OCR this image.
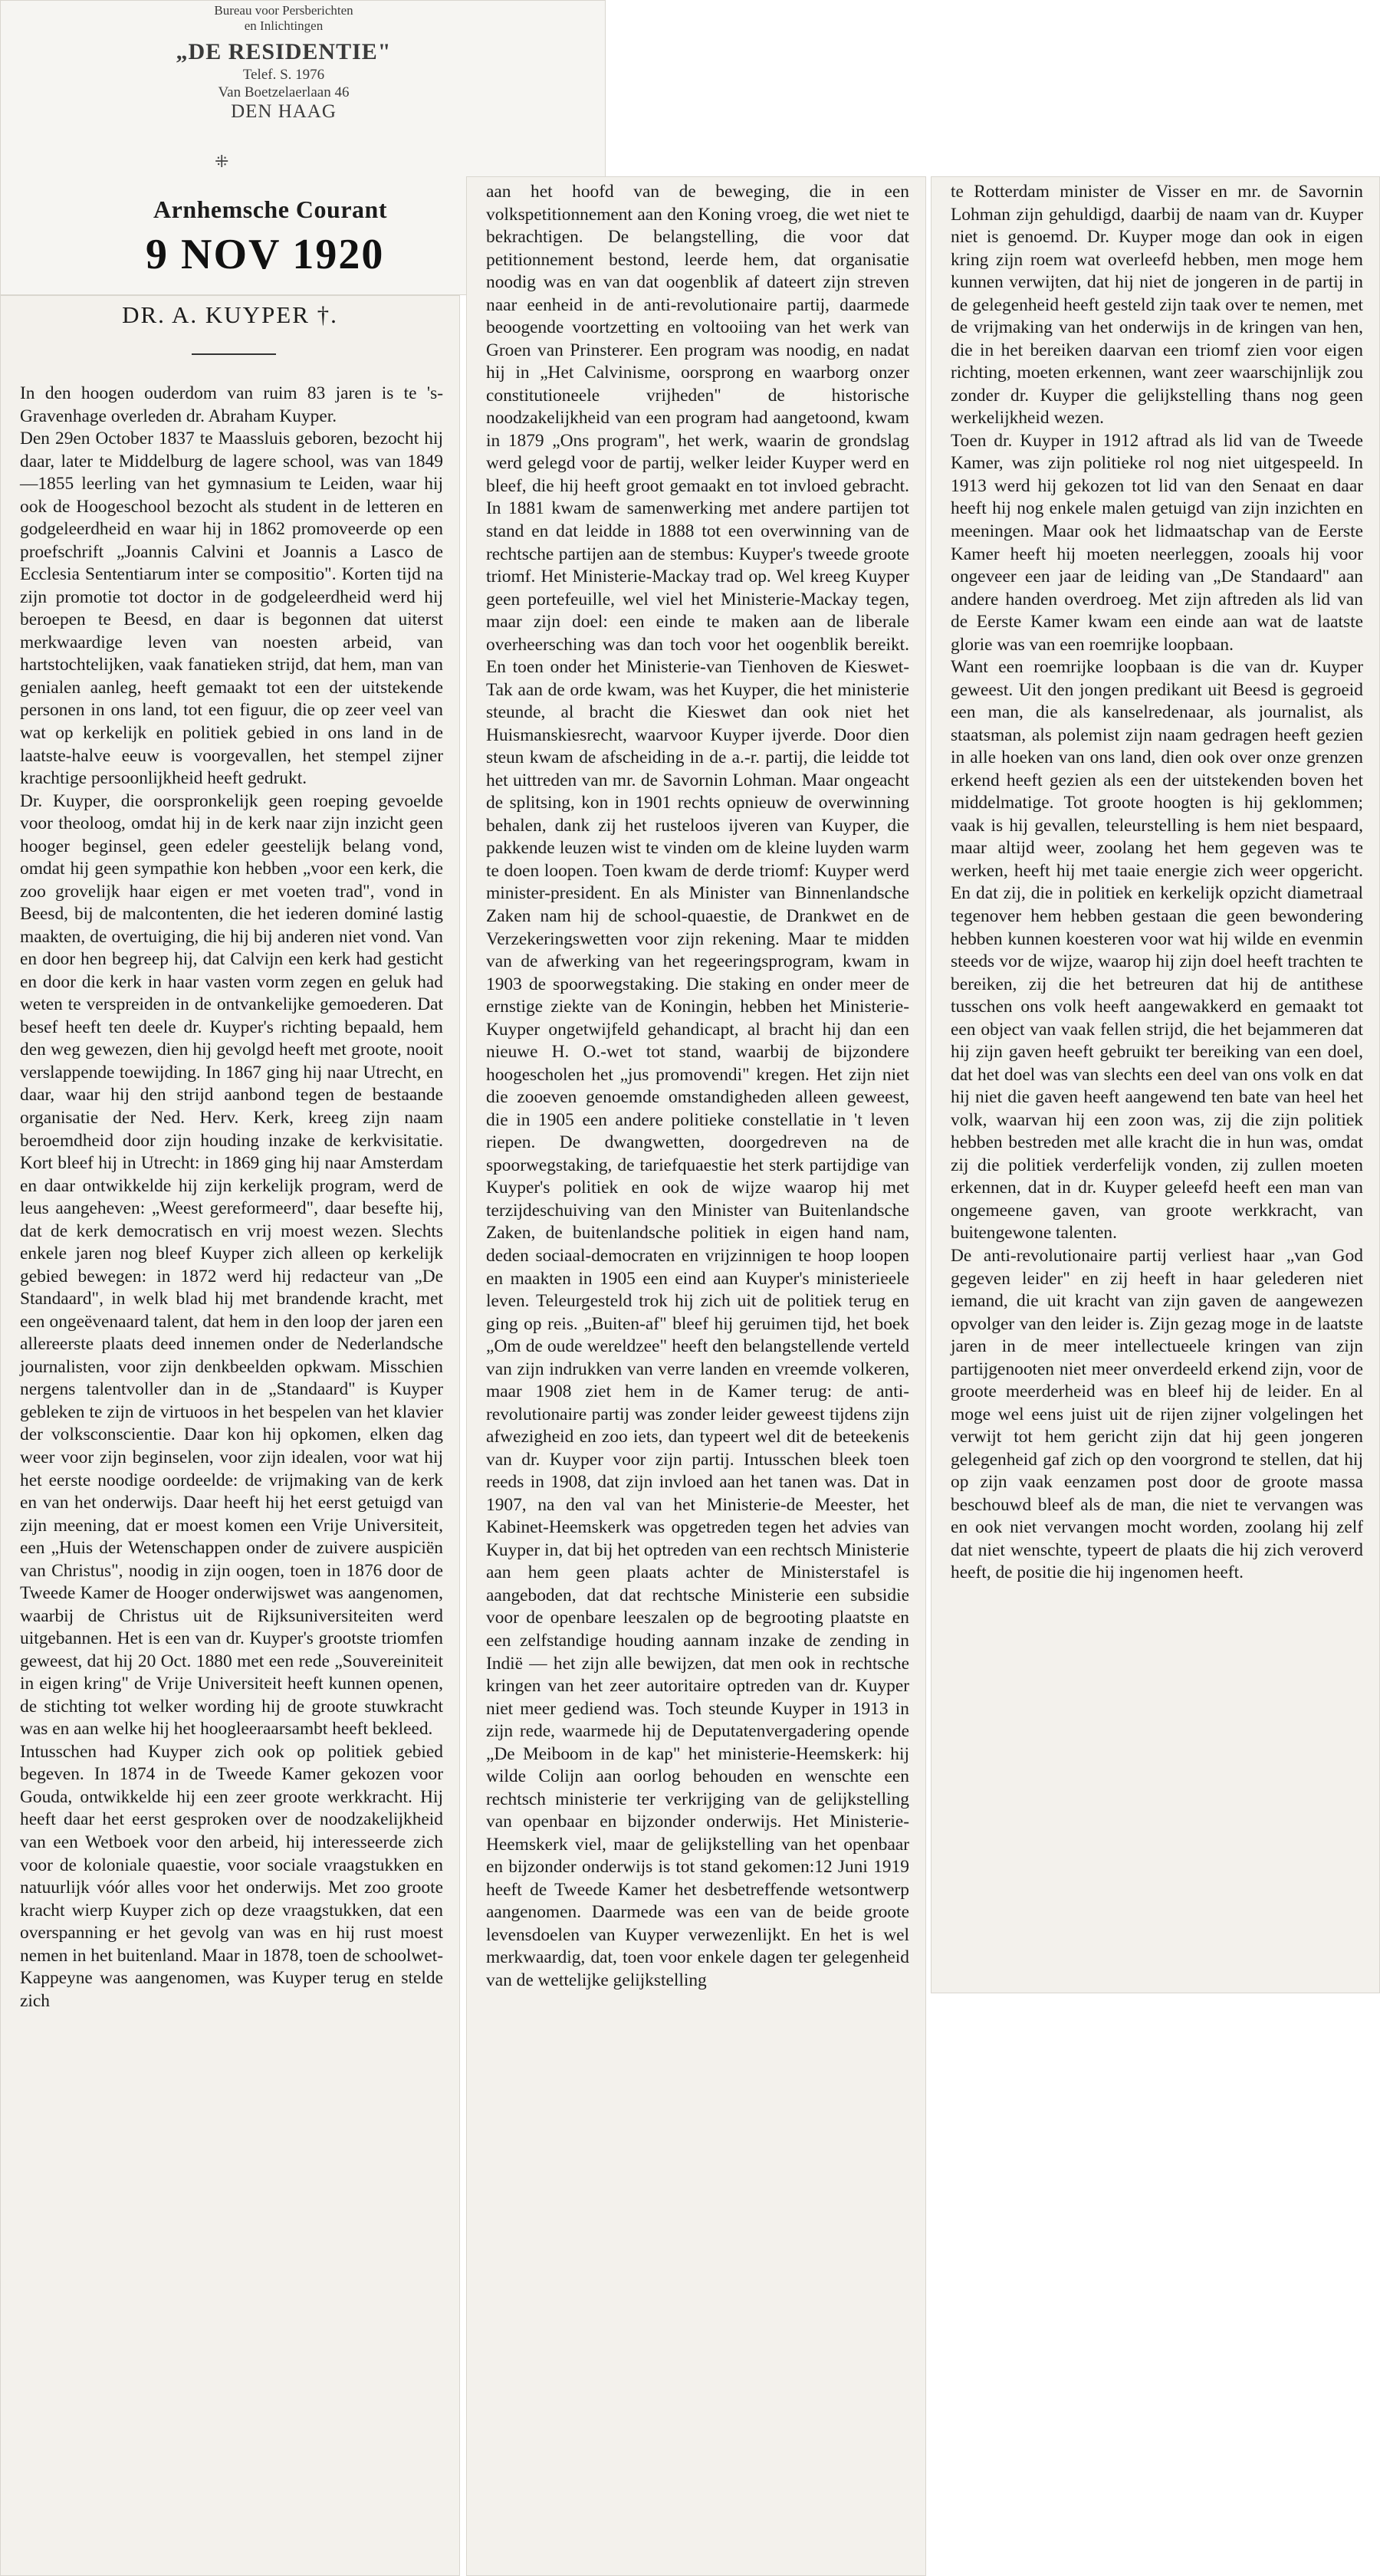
Bureau voor Persberichten
en Inlichtingen
„DE RESIDENTIE"
Telef. S. 1976
Van Boetzelaerlaan 46
DEN HAAG
⁜
Arnhemsche Courant
9 NOV 1920
DR. A. KUYPER †.
In den hoogen ouderdom van ruim 83 jaren is te 's-Gravenhage overleden dr. Abraham Kuyper.
Den 29en October 1837 te Maassluis geboren, bezocht hij daar, later te Middelburg de lagere school, was van 1849—1855 leerling van het gymnasium te Leiden, waar hij ook de Hoogeschool bezocht als student in de letteren en godgeleerdheid en waar hij in 1862 promoveerde op een proefschrift „Joannis Calvini et Joannis a Lasco de Ecclesia Sententiarum inter se compositio". Korten tijd na zijn promotie tot doctor in de godgeleerdheid werd hij beroepen te Beesd, en daar is begonnen dat uiterst merkwaardige leven van noesten arbeid, van hartstochtelijken, vaak fanatieken strijd, dat hem, man van genialen aanleg, heeft gemaakt tot een der uitstekende personen in ons land, tot een figuur, die op zeer veel van wat op kerkelijk en politiek gebied in ons land in de laatste-halve eeuw is voorgevallen, het stempel zijner krachtige persoonlijkheid heeft gedrukt.
Dr. Kuyper, die oorspronkelijk geen roeping gevoelde voor theoloog, omdat hij in de kerk naar zijn inzicht geen hooger beginsel, geen edeler geestelijk belang vond, omdat hij geen sympathie kon hebben „voor een kerk, die zoo grovelijk haar eigen er met voeten trad", vond in Beesd, bij de malcontenten, die het iederen dominé lastig maakten, de overtuiging, die hij bij anderen niet vond. Van en door hen begreep hij, dat Calvijn een kerk had gesticht en door die kerk in haar vasten vorm zegen en geluk had weten te verspreiden in de ontvankelijke gemoederen. Dat besef heeft ten deele dr. Kuyper's richting bepaald, hem den weg gewezen, dien hij gevolgd heeft met groote, nooit verslappende toewijding. In 1867 ging hij naar Utrecht, en daar, waar hij den strijd aanbond tegen de bestaande organisatie der Ned. Herv. Kerk, kreeg zijn naam beroemdheid door zijn houding inzake de kerkvisitatie. Kort bleef hij in Utrecht: in 1869 ging hij naar Amsterdam en daar ontwikkelde hij zijn kerkelijk program, werd de leus aangeheven: „Weest gereformeerd", daar besefte hij, dat de kerk democratisch en vrij moest wezen. Slechts enkele jaren nog bleef Kuyper zich alleen op kerkelijk gebied bewegen: in 1872 werd hij redacteur van „De Standaard", in welk blad hij met brandende kracht, met een ongeëvenaard talent, dat hem in den loop der jaren een allereerste plaats deed innemen onder de Nederlandsche journalisten, voor zijn denkbeelden opkwam. Misschien nergens talentvoller dan in de „Standaard" is Kuyper gebleken te zijn de virtuoos in het bespelen van het klavier der volksconscientie. Daar kon hij opkomen, elken dag weer voor zijn beginselen, voor zijn idealen, voor wat hij het eerste noodige oordeelde: de vrijmaking van de kerk en van het onderwijs. Daar heeft hij het eerst getuigd van zijn meening, dat er moest komen een Vrije Universiteit, een „Huis der Wetenschappen onder de zuivere auspiciën van Christus", noodig in zijn oogen, toen in 1876 door de Tweede Kamer de Hooger onderwijswet was aangenomen, waarbij de Christus uit de Rijksuniversiteiten werd uitgebannen. Het is een van dr. Kuyper's grootste triomfen geweest, dat hij 20 Oct. 1880 met een rede „Souvereiniteit in eigen kring" de Vrije Universiteit heeft kunnen openen, de stichting tot welker wording hij de groote stuwkracht was en aan welke hij het hoogleeraarsambt heeft bekleed.
Intusschen had Kuyper zich ook op politiek gebied begeven. In 1874 in de Tweede Kamer gekozen voor Gouda, ontwikkelde hij een zeer groote werkkracht. Hij heeft daar het eerst gesproken over de noodzakelijkheid van een Wetboek voor den arbeid, hij interesseerde zich voor de koloniale quaestie, voor sociale vraagstukken en natuurlijk vóór alles voor het onderwijs. Met zoo groote kracht wierp Kuyper zich op deze vraagstukken, dat een overspanning er het gevolg van was en hij rust moest nemen in het buitenland. Maar in 1878, toen de schoolwet-Kappeyne was aangenomen, was Kuyper terug en stelde zich
aan het hoofd van de beweging, die in een volkspetitionnement aan den Koning vroeg, die wet niet te bekrachtigen. De belangstelling, die voor dat petitionnement bestond, leerde hem, dat organisatie noodig was en van dat oogenblik af dateert zijn streven naar eenheid in de anti-revolutionaire partij, daarmede beoogende voortzetting en voltooiing van het werk van Groen van Prinsterer. Een program was noodig, en nadat hij in „Het Calvinisme, oorsprong en waarborg onzer constitutioneele vrijheden" de historische noodzakelijkheid van een program had aangetoond, kwam in 1879 „Ons program", het werk, waarin de grondslag werd gelegd voor de partij, welker leider Kuyper werd en bleef, die hij heeft groot gemaakt en tot invloed gebracht. In 1881 kwam de samenwerking met andere partijen tot stand en dat leidde in 1888 tot een overwinning van de rechtsche partijen aan de stembus: Kuyper's tweede groote triomf. Het Ministerie-Mackay trad op. Wel kreeg Kuyper geen portefeuille, wel viel het Ministerie-Mackay tegen, maar zijn doel: een einde te maken aan de liberale overheersching was dan toch voor het oogenblik bereikt. En toen onder het Ministerie-van Tienhoven de Kieswet-Tak aan de orde kwam, was het Kuyper, die het ministerie steunde, al bracht die Kieswet dan ook niet het Huismanskiesrecht, waarvoor Kuyper ijverde. Door dien steun kwam de afscheiding in de a.-r. partij, die leidde tot het uittreden van mr. de Savornin Lohman. Maar ongeacht de splitsing, kon in 1901 rechts opnieuw de overwinning behalen, dank zij het rusteloos ijveren van Kuyper, die pakkende leuzen wist te vinden om de kleine luyden warm te doen loopen. Toen kwam de derde triomf: Kuyper werd minister-president. En als Minister van Binnenlandsche Zaken nam hij de school-quaestie, de Drankwet en de Verzekeringswetten voor zijn rekening. Maar te midden van de afwerking van het regeeringsprogram, kwam in 1903 de spoorwegstaking. Die staking en onder meer de ernstige ziekte van de Koningin, hebben het Ministerie-Kuyper ongetwijfeld gehandicapt, al bracht hij dan een nieuwe H. O.-wet tot stand, waarbij de bijzondere hoogescholen het „jus promovendi" kregen. Het zijn niet die zooeven genoemde omstandigheden alleen geweest, die in 1905 een andere politieke constellatie in 't leven riepen. De dwangwetten, doorgedreven na de spoorwegstaking, de tariefquaestie het sterk partijdige van Kuyper's politiek en ook de wijze waarop hij met terzijdeschuiving van den Minister van Buitenlandsche Zaken, de buitenlandsche politiek in eigen hand nam, deden sociaal-democraten en vrijzinnigen te hoop loopen en maakten in 1905 een eind aan Kuyper's ministerieele leven. Teleurgesteld trok hij zich uit de politiek terug en ging op reis. „Buiten-af" bleef hij geruimen tijd, het boek „Om de oude wereldzee" heeft den belangstellende verteld van zijn indrukken van verre landen en vreemde volkeren, maar 1908 ziet hem in de Kamer terug: de anti-revolutionaire partij was zonder leider geweest tijdens zijn afwezigheid en zoo iets, dan typeert wel dit de beteekenis van dr. Kuyper voor zijn partij. Intusschen bleek toen reeds in 1908, dat zijn invloed aan het tanen was. Dat in 1907, na den val van het Ministerie-de Meester, het Kabinet-Heemskerk was opgetreden tegen het advies van Kuyper in, dat bij het optreden van een rechtsch Ministerie aan hem geen plaats achter de Ministerstafel is aangeboden, dat dat rechtsche Ministerie een subsidie voor de openbare leeszalen op de begrooting plaatste en een zelfstandige houding aannam inzake de zending in Indië — het zijn alle bewijzen, dat men ook in rechtsche kringen van het zeer autoritaire optreden van dr. Kuyper niet meer gediend was. Toch steunde Kuyper in 1913 in zijn rede, waarmede hij de Deputatenvergadering opende „De Meiboom in de kap" het ministerie-Heemskerk: hij wilde Colijn aan oorlog behouden en wenschte een rechtsch ministerie ter verkrijging van de gelijkstelling van openbaar en bijzonder onderwijs. Het Ministerie-Heemskerk viel, maar de gelijkstelling van het openbaar en bijzonder onderwijs is tot stand gekomen:12 Juni 1919 heeft de Tweede Kamer het desbetreffende wetsontwerp aangenomen. Daarmede was een van de beide groote levensdoelen van Kuyper verwezenlijkt. En het is wel merkwaardig, dat, toen voor enkele dagen ter gelegenheid van de wettelijke gelijkstelling
te Rotterdam minister de Visser en mr. de Savornin Lohman zijn gehuldigd, daarbij de naam van dr. Kuyper niet is genoemd. Dr. Kuyper moge dan ook in eigen kring zijn roem wat overleefd hebben, men moge hem kunnen verwijten, dat hij niet de jongeren in de partij in de gelegenheid heeft gesteld zijn taak over te nemen, met de vrijmaking van het onderwijs in de kringen van hen, die in het bereiken daarvan een triomf zien voor eigen richting, moeten erkennen, want zeer waarschijnlijk zou zonder dr. Kuyper die gelijkstelling thans nog geen werkelijkheid wezen.
Toen dr. Kuyper in 1912 aftrad als lid van de Tweede Kamer, was zijn politieke rol nog niet uitgespeeld. In 1913 werd hij gekozen tot lid van den Senaat en daar heeft hij nog enkele malen getuigd van zijn inzichten en meeningen. Maar ook het lidmaatschap van de Eerste Kamer heeft hij moeten neerleggen, zooals hij voor ongeveer een jaar de leiding van „De Standaard" aan andere handen overdroeg. Met zijn aftreden als lid van de Eerste Kamer kwam een einde aan wat de laatste glorie was van een roemrijke loopbaan.
Want een roemrijke loopbaan is die van dr. Kuyper geweest. Uit den jongen predikant uit Beesd is gegroeid een man, die als kanselredenaar, als journalist, als staatsman, als polemist zijn naam gedragen heeft gezien in alle hoeken van ons land, dien ook over onze grenzen erkend heeft gezien als een der uitstekenden boven het middelmatige. Tot groote hoogten is hij geklommen; vaak is hij gevallen, teleurstelling is hem niet bespaard, maar altijd weer, zoolang het hem gegeven was te werken, heeft hij met taaie energie zich weer opgericht. En dat zij, die in politiek en kerkelijk opzicht diametraal tegenover hem hebben gestaan die geen bewondering hebben kunnen koesteren voor wat hij wilde en evenmin steeds vor de wijze, waarop hij zijn doel heeft trachten te bereiken, zij die het betreuren dat hij de antithese tusschen ons volk heeft aangewakkerd en gemaakt tot een object van vaak fellen strijd, die het bejammeren dat hij zijn gaven heeft gebruikt ter bereiking van een doel, dat het doel was van slechts een deel van ons volk en dat hij niet die gaven heeft aangewend ten bate van heel het volk, waarvan hij een zoon was, zij die zijn politiek hebben bestreden met alle kracht die in hun was, omdat zij die politiek verderfelijk vonden, zij zullen moeten erkennen, dat in dr. Kuyper geleefd heeft een man van ongemeene gaven, van groote werkkracht, van buitengewone talenten.
De anti-revolutionaire partij verliest haar „van God gegeven leider" en zij heeft in haar gelederen niet iemand, die uit kracht van zijn gaven de aangewezen opvolger van den leider is. Zijn gezag moge in de laatste jaren in de meer intellectueele kringen van zijn partijgenooten niet meer onverdeeld erkend zijn, voor de groote meerderheid was en bleef hij de leider. En al moge wel eens juist uit de rijen zijner volgelingen het verwijt tot hem gericht zijn dat hij geen jongeren gelegenheid gaf zich op den voorgrond te stellen, dat hij op zijn vaak eenzamen post door de groote massa beschouwd bleef als de man, die niet te vervangen was en ook niet vervangen mocht worden, zoolang hij zelf dat niet wenschte, typeert de plaats die hij zich veroverd heeft, de positie die hij ingenomen heeft.
